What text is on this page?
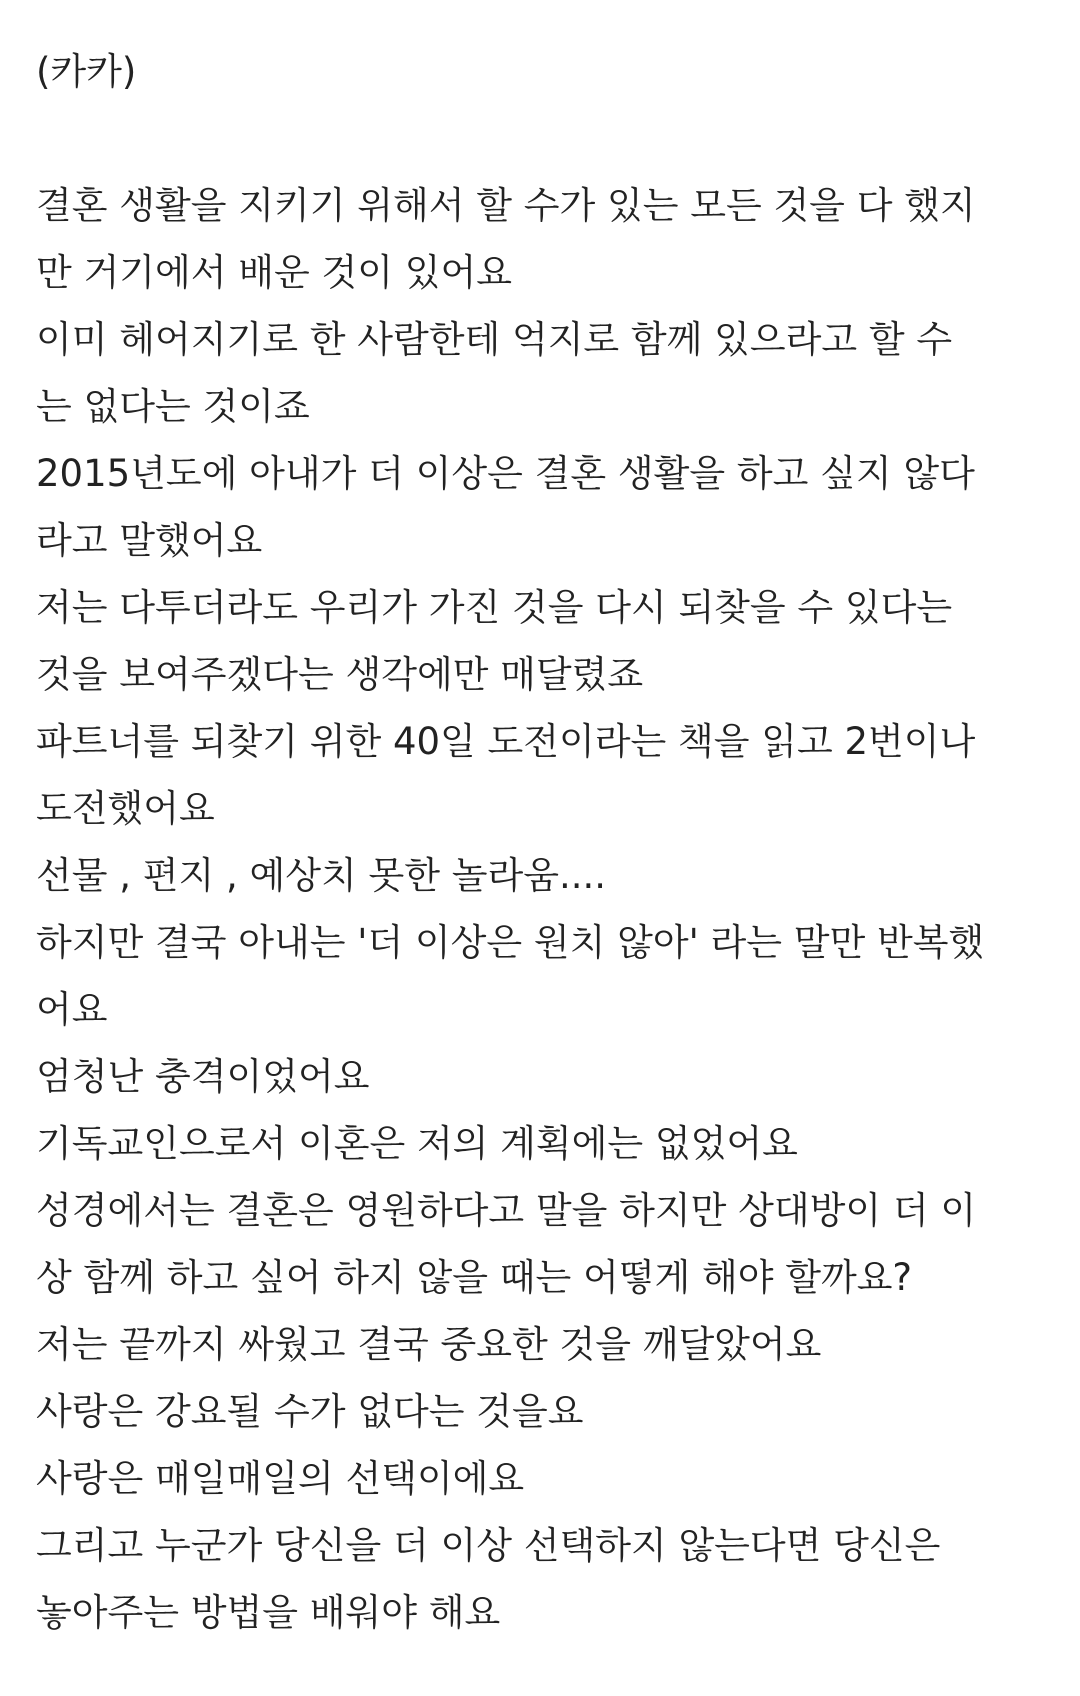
(카카)
결혼 생활을 지키기 위해서 할 수가 있는 모든 것을 다 했지
만 거기에서 배운 것이 있어요
이미 헤어지기로 한 사람한테 억지로 함께 있으라고 할 수
는 없다는 것이죠
2015년도에 아내가 더 이상은 결혼 생활을 하고 싶지 않다
라고 말했어요
저는 다투더라도 우리가 가진 것을 다시 되찾을 수 있다는
것을 보여주겠다는 생각에만 매달렸죠
파트너를 되찾기 위한 40일 도전이라는 책을 읽고 2번이나
도전했어요
선물 , 편지 , 예상치 못한 놀라움....
하지만 결국 아내는 '더 이상은 원치 않아' 라는 말만 반복했
어요
엄청난 충격이었어요
기독교인으로서 이혼은 저의 계획에는 없었어요
성경에서는 결혼은 영원하다고 말을 하지만 상대방이 더 이
상 함께 하고 싶어 하지 않을 때는 어떻게 해야 할까요?
저는 끝까지 싸웠고 결국 중요한 것을 깨달았어요
사랑은 강요될 수가 없다는 것을요
사랑은 매일매일의 선택이에요
그리고 누군가 당신을 더 이상 선택하지 않는다면 당신은
놓아주는 방법을 배워야 해요
